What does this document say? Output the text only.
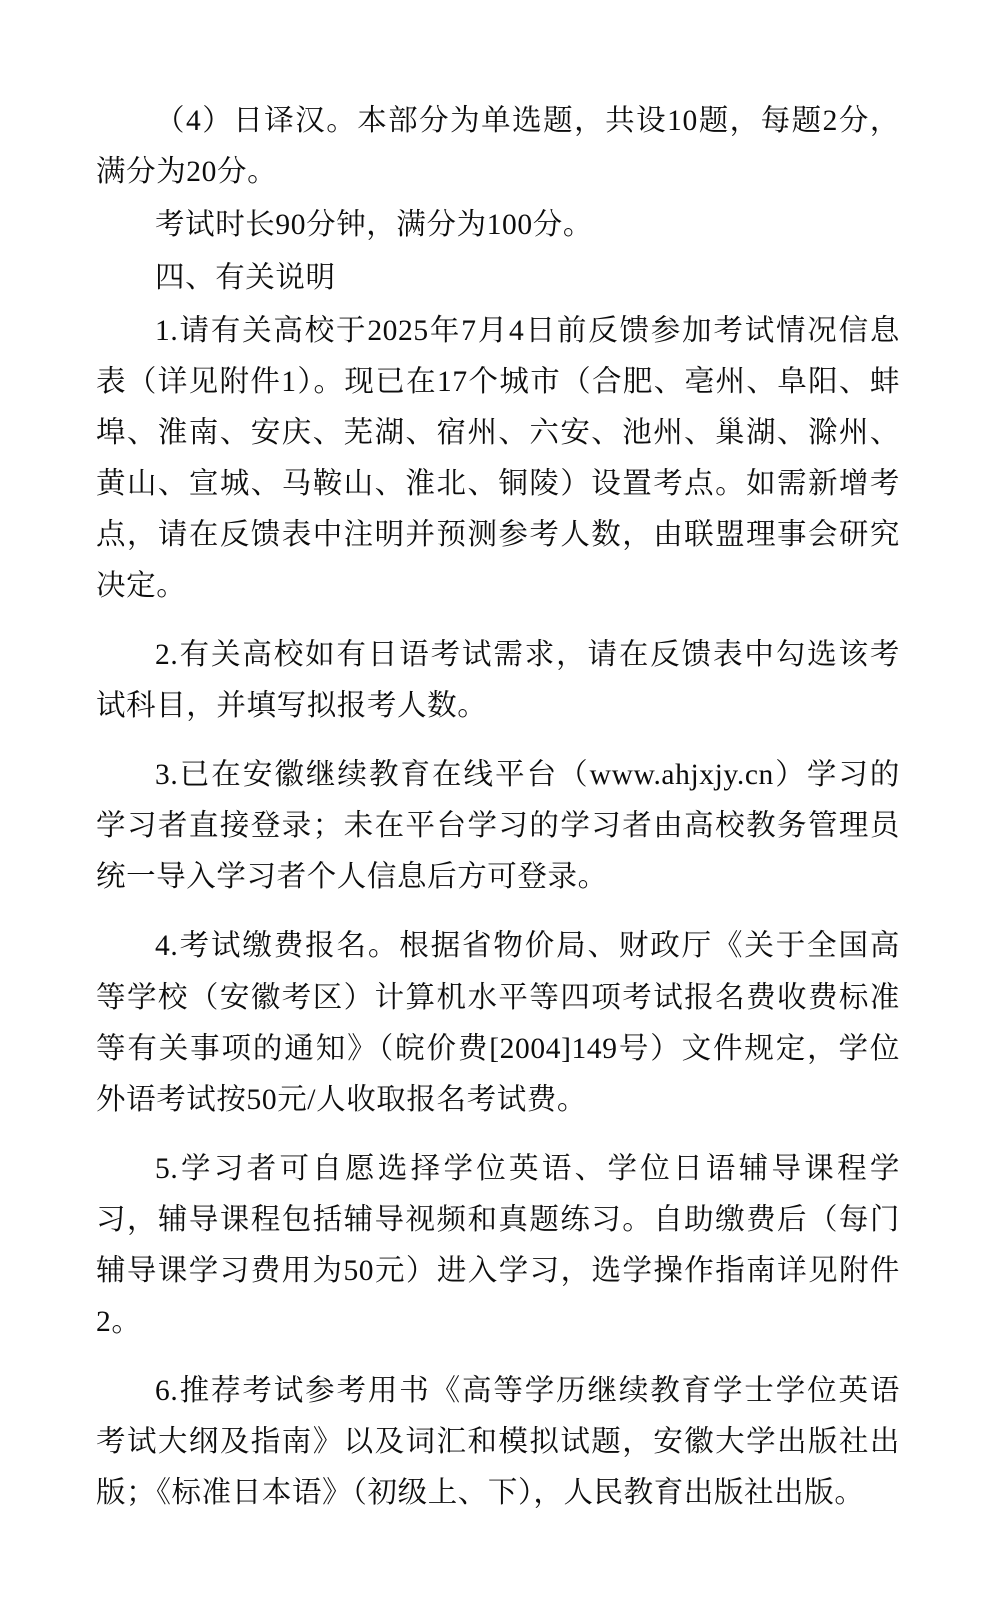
（4）日译汉。本部分为单选题，共设10题，每题2分，满分为20分。

考试时长90分钟，满分为100分。

四、有关说明

1.请有关高校于2025年7月4日前反馈参加考试情况信息表（详见附件1）。现已在17个城市（合肥、亳州、阜阳、蚌埠、淮南、安庆、芜湖、宿州、六安、池州、巢湖、滁州、黄山、宣城、马鞍山、淮北、铜陵）设置考点。如需新增考点，请在反馈表中注明并预测参考人数，由联盟理事会研究决定。

2.有关高校如有日语考试需求，请在反馈表中勾选该考试科目，并填写拟报考人数。

3.已在安徽继续教育在线平台（www.ahjxjy.cn）学习的学习者直接登录；未在平台学习的学习者由高校教务管理员统一导入学习者个人信息后方可登录。

4.考试缴费报名。根据省物价局、财政厅《关于全国高等学校（安徽考区）计算机水平等四项考试报名费收费标准等有关事项的通知》（皖价费[2004]149号）文件规定，学位外语考试按50元/人收取报名考试费。

5.学习者可自愿选择学位英语、学位日语辅导课程学习，辅导课程包括辅导视频和真题练习。自助缴费后（每门辅导课学习费用为50元）进入学习，选学操作指南详见附件2。

6.推荐考试参考用书《高等学历继续教育学士学位英语考试大纲及指南》以及词汇和模拟试题，安徽大学出版社出版；《标准日本语》（初级上、下），人民教育出版社出版。
